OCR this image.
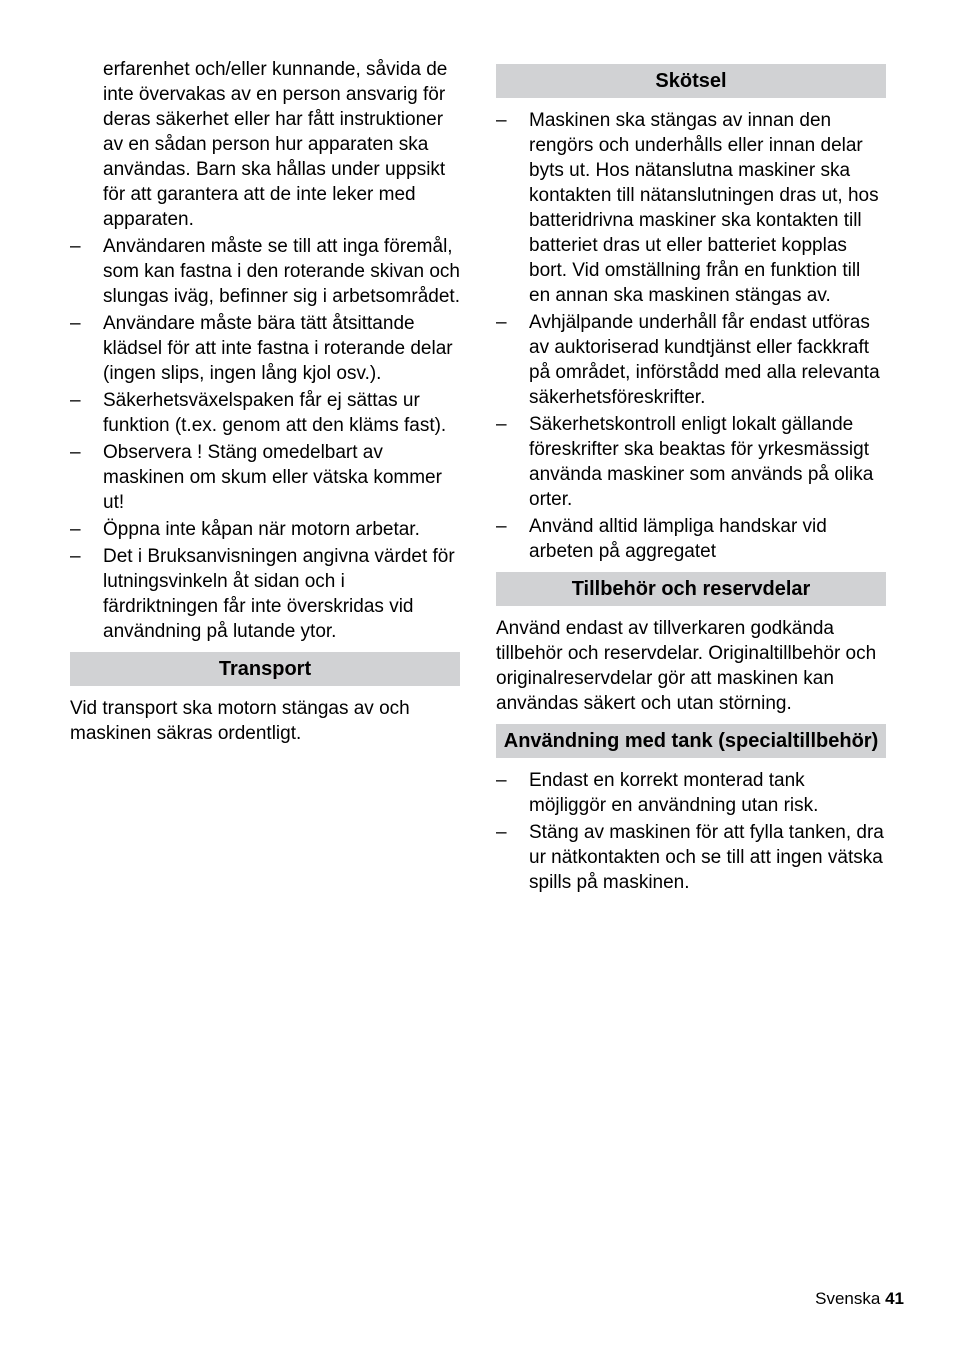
erfarenhet och/eller kunnande, såvida de inte övervakas av en person ansvarig för deras säkerhet eller har fått instruktioner av en sådan person hur apparaten ska användas. Barn ska hållas under uppsikt för att garantera att de inte leker med apparaten.

–	Användaren måste se till att inga föremål, som kan fastna i den roterande skivan och slungas iväg, befinner sig i arbetsområdet.
–	Användare måste bära tätt åtsittande klädsel för att inte fastna i roterande delar (ingen slips, ingen lång kjol osv.).
–	Säkerhetsväxelspaken får ej sättas ur funktion (t.ex. genom att den kläms fast).
–	Observera ! Stäng omedelbart av maskinen om skum eller vätska kommer ut!
–	Öppna inte kåpan när motorn arbetar.
–	Det i Bruksanvisningen angivna värdet för lutningsvinkeln åt sidan och i färdriktningen får inte överskridas vid användning på lutande ytor.
Transport

Vid transport ska motorn stängas av och maskinen säkras ordentligt.

Skötsel
–	Maskinen ska stängas av innan den rengörs och underhålls eller innan delar byts ut. Hos nätanslutna maskiner ska kontakten till nätanslutningen dras ut, hos batteridrivna maskiner ska kontakten till batteriet dras ut eller batteriet kopplas bort. Vid omställning från en funktion till en annan ska maskinen stängas av.
–	Avhjälpande underhåll får endast utföras av auktoriserad kundtjänst eller fackkraft på området, införstådd med alla relevanta säkerhetsföreskrifter.
–	Säkerhetskontroll enligt lokalt gällande föreskrifter ska beaktas för yrkesmässigt använda maskiner som används på olika orter.
–	Använd alltid lämpliga handskar vid arbeten på aggregatet
Tillbehör och reservdelar

Använd endast av tillverkaren godkända tillbehör och reservdelar. Originaltillbehör och originalreservdelar gör att maskinen kan användas säkert och utan störning.

Användning med tank (specialtillbehör)
–	Endast en korrekt monterad tank möjliggör en användning utan risk.
–	Stäng av maskinen för att fylla tanken, dra ur nätkontakten och se till att ingen vätska spills på maskinen.
Svenska 41
